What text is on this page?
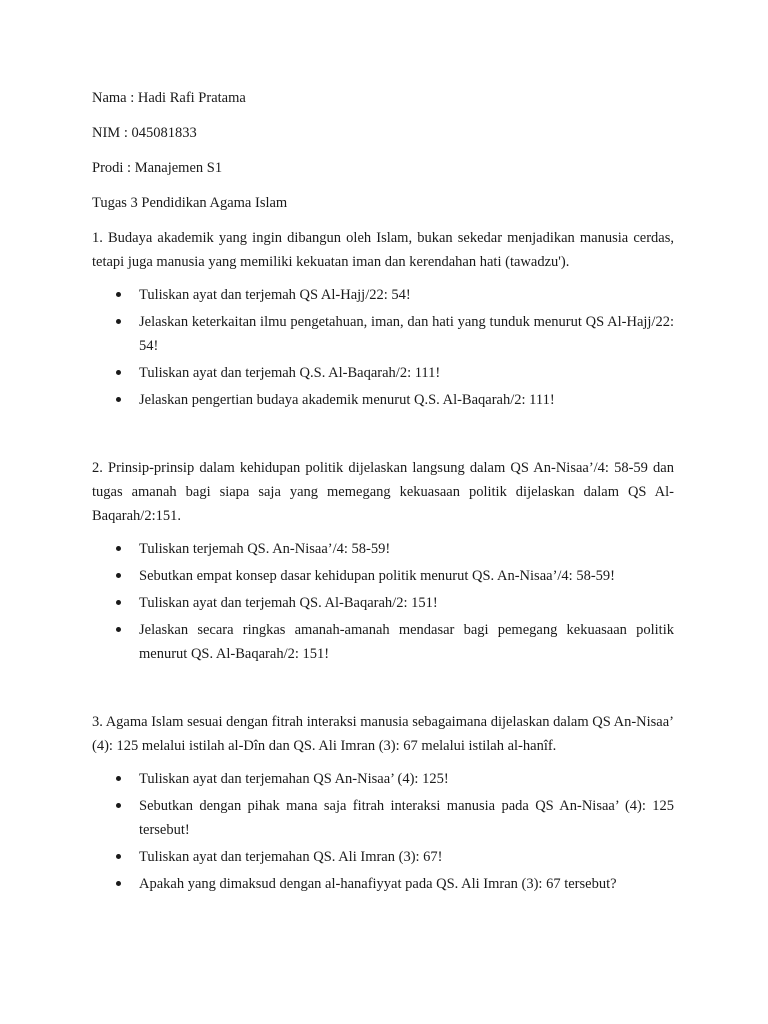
Nama : Hadi Rafi Pratama

NIM : 045081833

Prodi : Manajemen S1

Tugas 3 Pendidikan Agama Islam

1. Budaya akademik yang ingin dibangun oleh Islam, bukan sekedar menjadikan manusia cerdas, tetapi juga manusia yang memiliki kekuatan iman dan kerendahan hati (tawadzu').

Tuliskan ayat dan terjemah QS Al-Hajj/22: 54!
Jelaskan keterkaitan ilmu pengetahuan, iman, dan hati yang tunduk menurut QS Al-Hajj/22: 54!
Tuliskan ayat dan terjemah Q.S. Al-Baqarah/2: 111!
Jelaskan pengertian budaya akademik menurut Q.S. Al-Baqarah/2: 111!

2. Prinsip-prinsip dalam kehidupan politik dijelaskan langsung dalam QS An-Nisaa’/4: 58-59 dan tugas amanah bagi siapa saja yang memegang kekuasaan politik dijelaskan dalam QS Al-Baqarah/2:151.

Tuliskan terjemah QS. An-Nisaa’/4: 58-59!
Sebutkan empat konsep dasar kehidupan politik menurut QS. An-Nisaa’/4: 58-59!
Tuliskan ayat dan terjemah QS. Al-Baqarah/2: 151!
Jelaskan secara ringkas amanah-amanah mendasar bagi pemegang kekuasaan politik menurut QS. Al-Baqarah/2: 151!

3. Agama Islam sesuai dengan fitrah interaksi manusia sebagaimana dijelaskan dalam QS An-Nisaa’ (4): 125 melalui istilah al-Dîn dan QS. Ali Imran (3): 67 melalui istilah al-hanîf.

Tuliskan ayat dan terjemahan QS An-Nisaa’ (4): 125!
Sebutkan dengan pihak mana saja fitrah interaksi manusia pada QS An-Nisaa’ (4): 125 tersebut!
Tuliskan ayat dan terjemahan QS. Ali Imran (3): 67!
Apakah yang dimaksud dengan al-hanafiyyat pada QS. Ali Imran (3): 67 tersebut?
